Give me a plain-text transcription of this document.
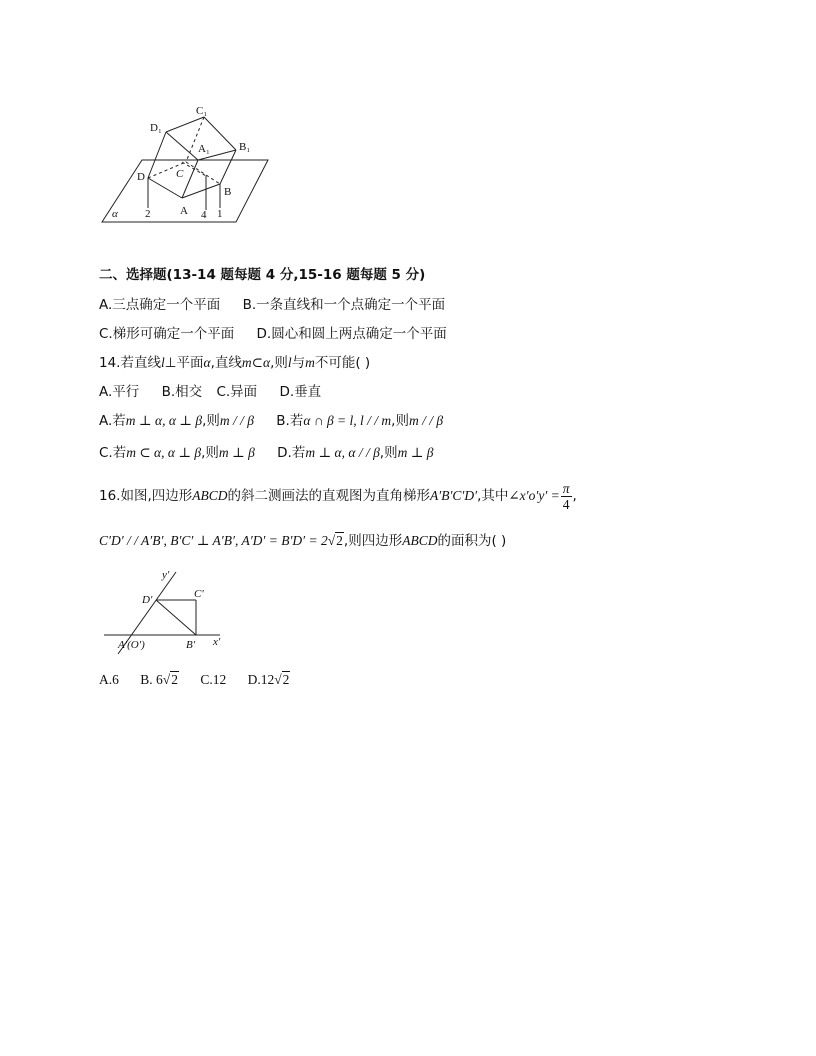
C₁
D₁
A₁	B₁
D	C
B
A
α 2	4 1
二、选择题(13-14 题每题 4 分,15-16 题每题 5 分)
A.三点确定一个平面 B.一条直线和一个点确定一个平面
C.梯形可确定一个平面 D.圆心和圆上两点确定一个平面
14.若直线l⊥平面α,直线m⊂α,则l与m不可能( )
A.平行 B.相交 C.异面 D.垂直
A.若m ⊥ α, α ⊥ β,则m / / β B.若α ∩ β = l, l / / m,则m / / β
C.若m ⊂ α, α ⊥ β,则m ⊥ β D.若m ⊥ α, α / / β,则m ⊥ β
16.如图,四边形ABCD的斜二测画法的直观图为直角梯形A′B′C′D′,其中∠x′o′y′ = $\frac{\pi}{4}$ ,
C′D′ / / A′B′, B′C′ ⊥ A′B′, A′D′ = B′D′ = 2√2,则四边形ABCD的面积为( )
y′
D′	C′
A′(O′)	B′ x′
A.6 B. 6√2 C.12 D.12√2
